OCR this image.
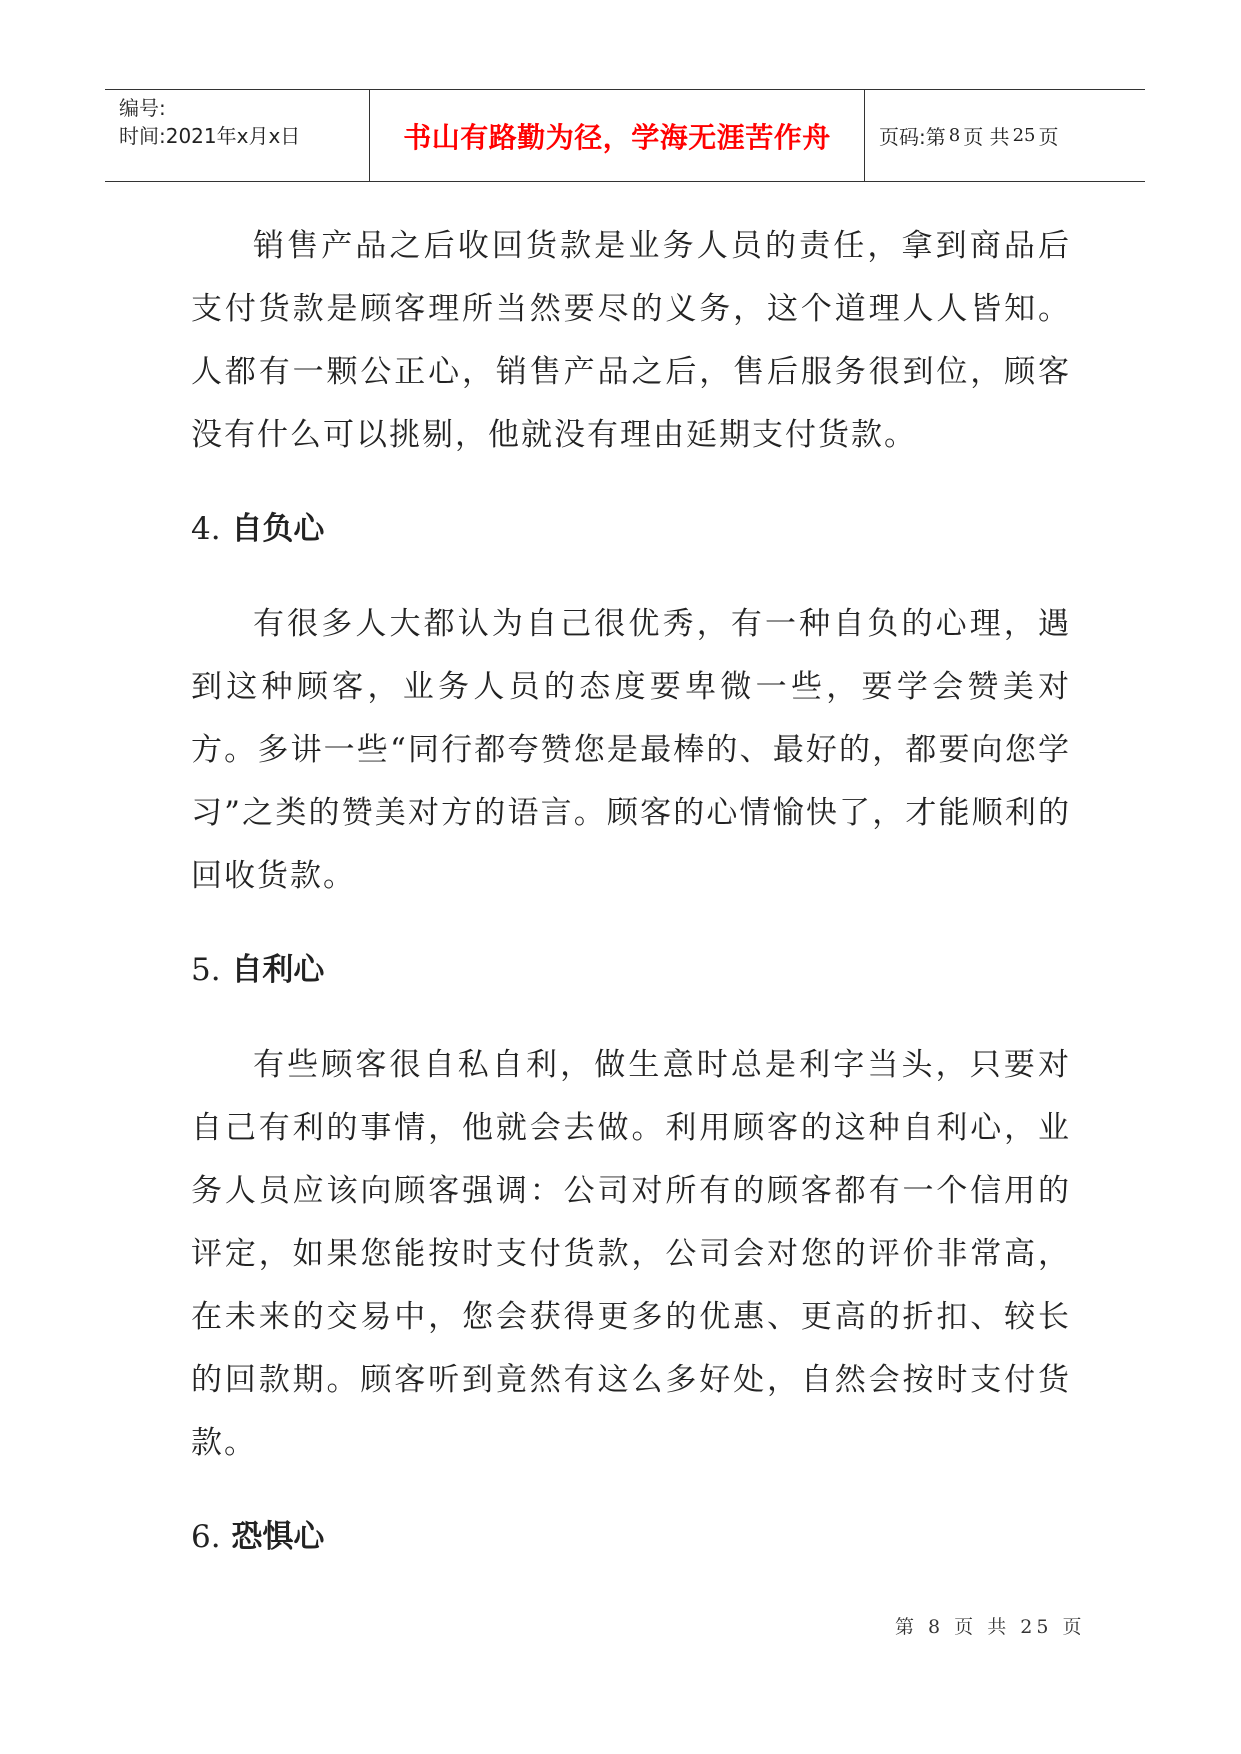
编号:
时间:2021年x月x日	书山有路勤为径，学海无涯苦作舟	页码:第 8 页 共 25 页

销售产品之后收回货款是业务人员的责任，拿到商品后支付货款是顾客理所当然要尽的义务，这个道理人人皆知。人都有一颗公正心，销售产品之后，售后服务很到位，顾客没有什么可以挑剔，他就没有理由延期支付货款。

4. 自负心

有很多人大都认为自己很优秀，有一种自负的心理，遇到这种顾客，业务人员的态度要卑微一些，要学会赞美对方。多讲一些“同行都夸赞您是最棒的、最好的，都要向您学习”之类的赞美对方的语言。顾客的心情愉快了，才能顺利的回收货款。

5. 自利心

有些顾客很自私自利，做生意时总是利字当头，只要对自己有利的事情，他就会去做。利用顾客的这种自利心，业务人员应该向顾客强调：公司对所有的顾客都有一个信用的评定，如果您能按时支付货款，公司会对您的评价非常高，在未来的交易中，您会获得更多的优惠、更高的折扣、较长的回款期。顾客听到竟然有这么多好处，自然会按时支付货款。

6. 恐惧心
第 8 页 共 25 页
